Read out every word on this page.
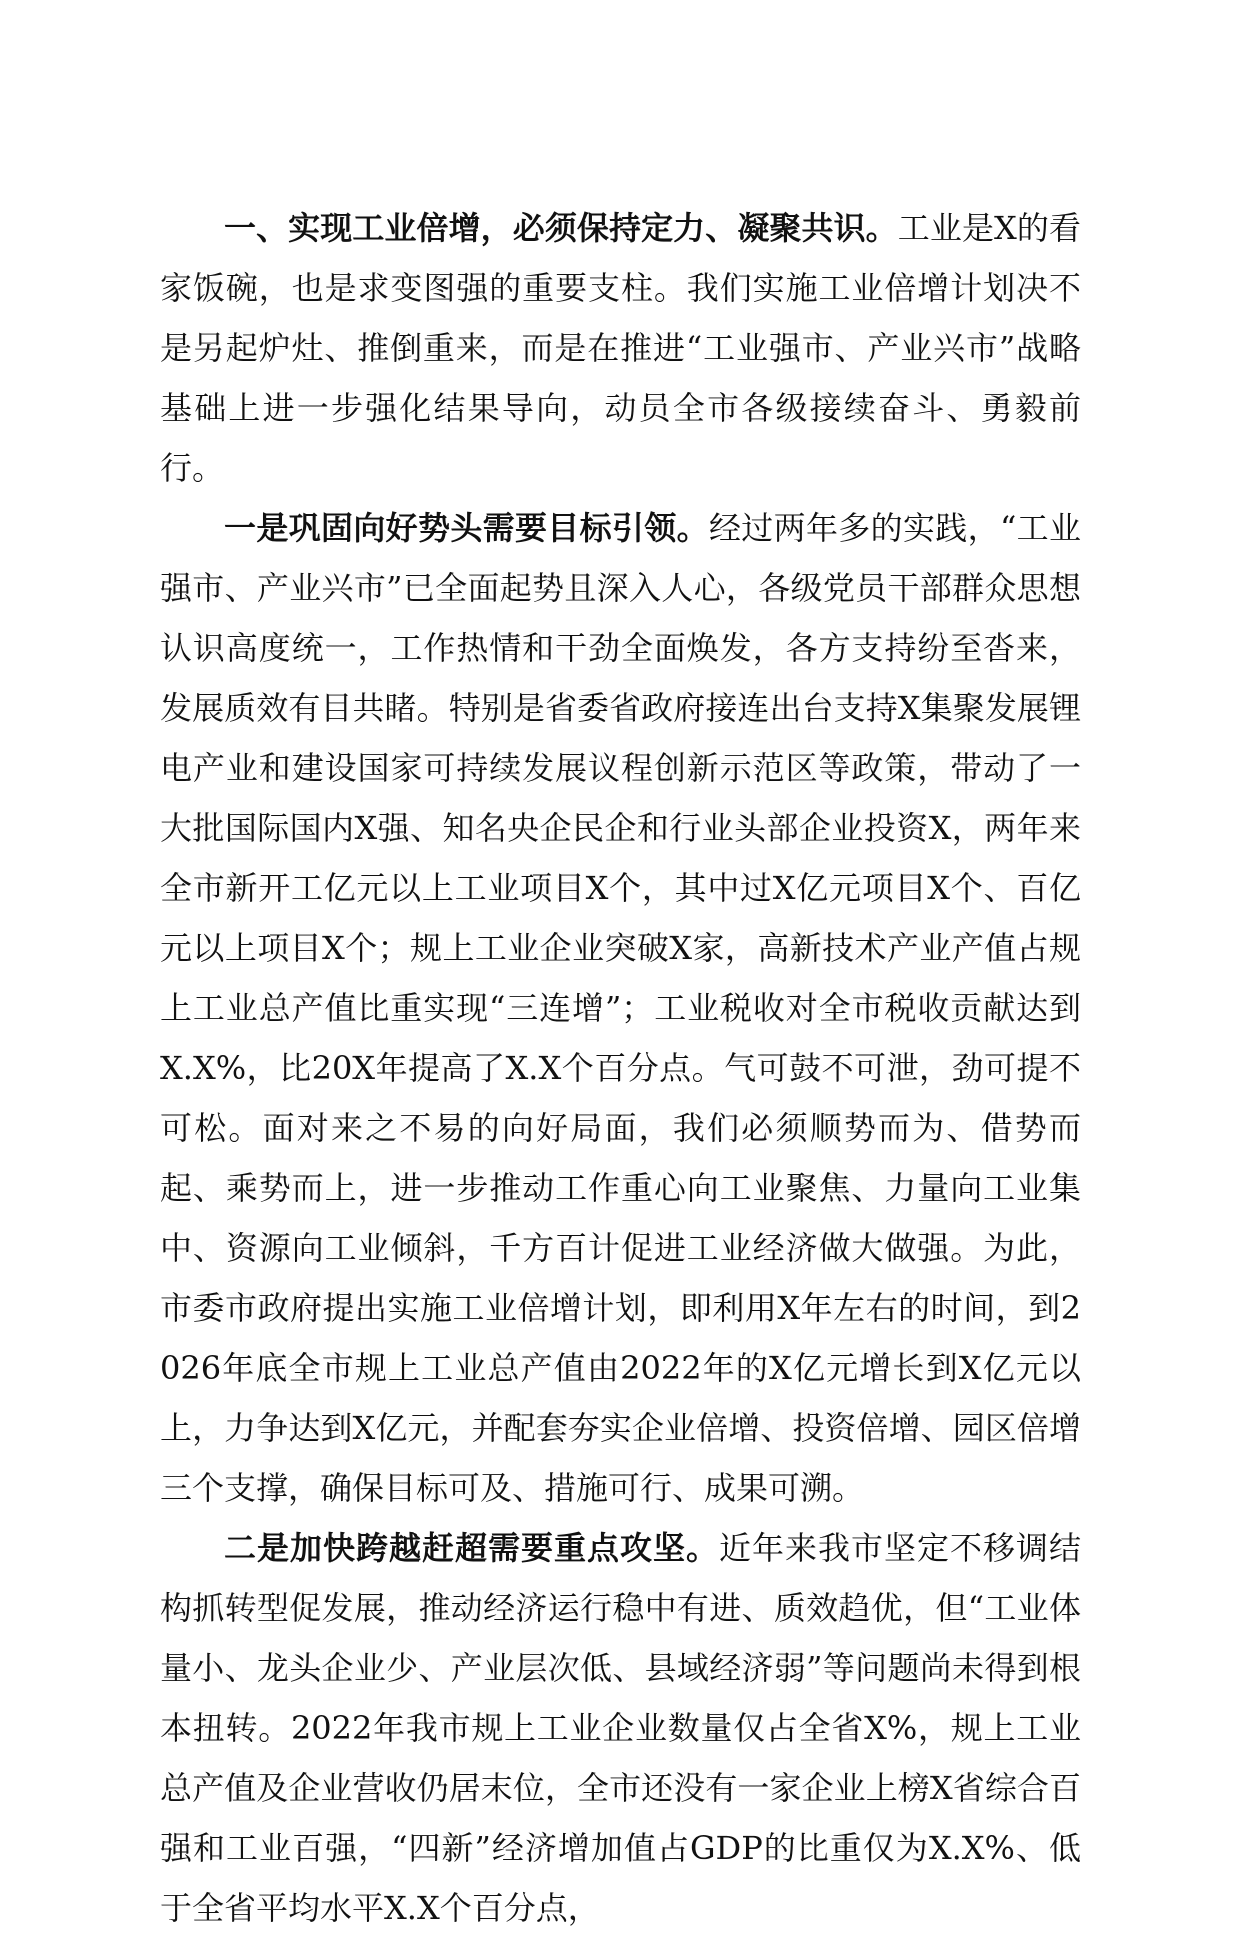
一、实现工业倍增，必须保持定力、凝聚共识。工业是X的看家饭碗，也是求变图强的重要支柱。我们实施工业倍增计划决不是另起炉灶、推倒重来，而是在推进“工业强市、产业兴市”战略基础上进一步强化结果导向，动员全市各级接续奋斗、勇毅前行。

一是巩固向好势头需要目标引领。经过两年多的实践，“工业强市、产业兴市”已全面起势且深入人心，各级党员干部群众思想认识高度统一，工作热情和干劲全面焕发，各方支持纷至沓来，发展质效有目共睹。特别是省委省政府接连出台支持X集聚发展锂电产业和建设国家可持续发展议程创新示范区等政策，带动了一大批国际国内X强、知名央企民企和行业头部企业投资X，两年来全市新开工亿元以上工业项目X个，其中过X亿元项目X个、百亿元以上项目X个；规上工业企业突破X家，高新技术产业产值占规上工业总产值比重实现“三连增”；工业税收对全市税收贡献达到X.X%，比20X年提高了X.X个百分点。气可鼓不可泄，劲可提不可松。面对来之不易的向好局面，我们必须顺势而为、借势而起、乘势而上，进一步推动工作重心向工业聚焦、力量向工业集中、资源向工业倾斜，千方百计促进工业经济做大做强。为此，市委市政府提出实施工业倍增计划，即利用X年左右的时间，到2026年底全市规上工业总产值由2022年的X亿元增长到X亿元以上，力争达到X亿元，并配套夯实企业倍增、投资倍增、园区倍增三个支撑，确保目标可及、措施可行、成果可溯。

二是加快跨越赶超需要重点攻坚。近年来我市坚定不移调结构抓转型促发展，推动经济运行稳中有进、质效趋优，但“工业体量小、龙头企业少、产业层次低、县域经济弱”等问题尚未得到根本扭转。2022年我市规上工业企业数量仅占全省X%，规上工业总产值及企业营收仍居末位，全市还没有一家企业上榜X省综合百强和工业百强，“四新”经济增加值占GDP的比重仅为X.X%、低于全省平均水平X.X个百分点，
